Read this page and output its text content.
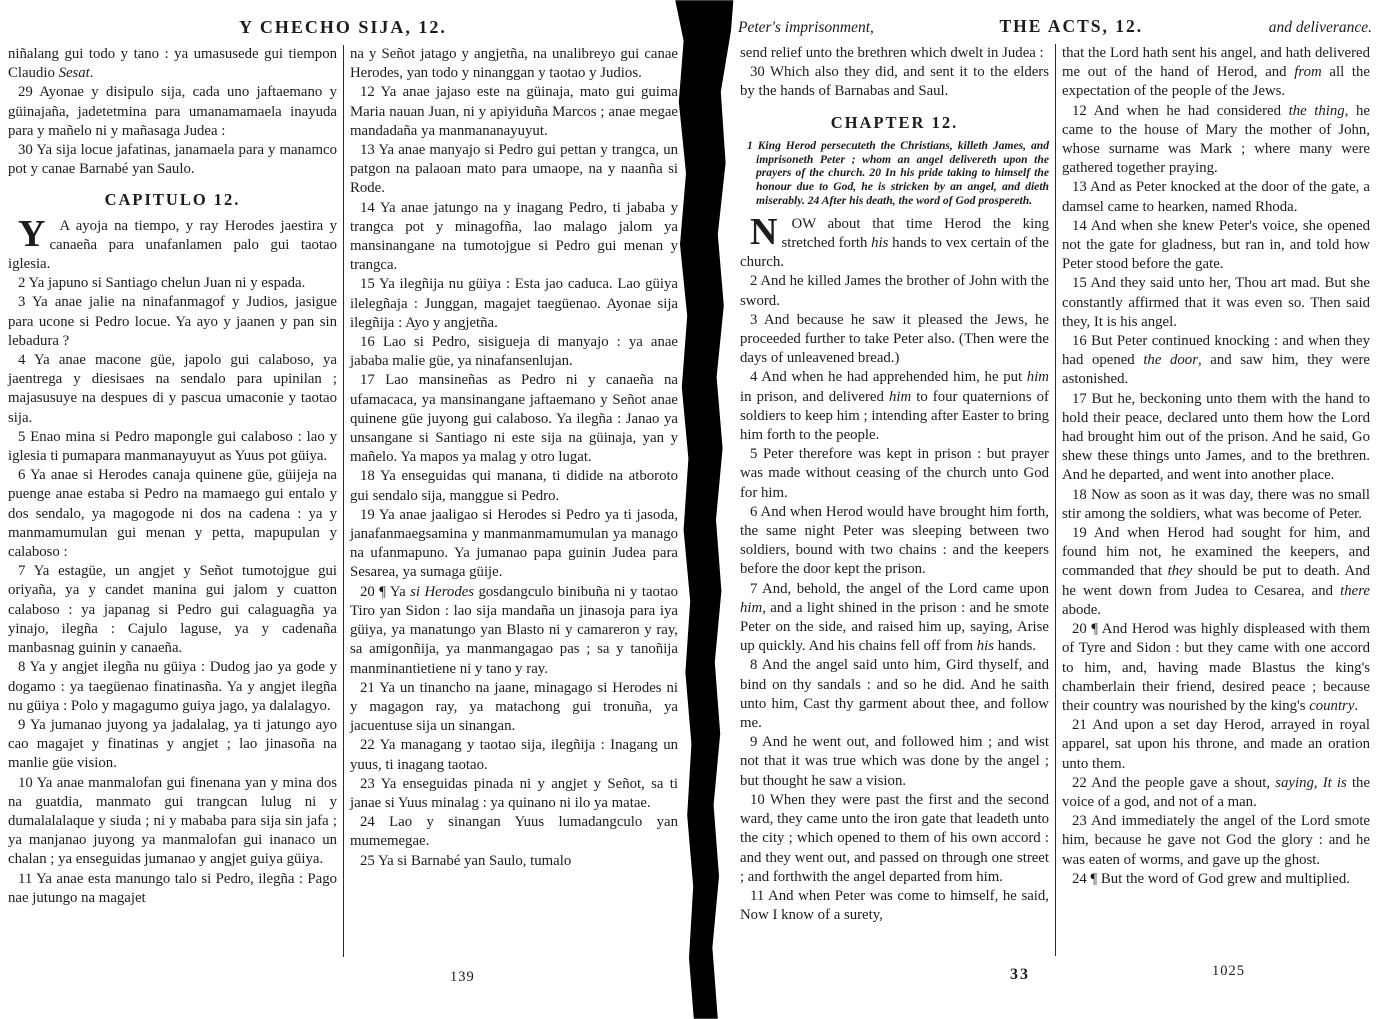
Y CHECHO SIJA, 12.

niñalang gui todo y tano : ya umasusede gui tiempon Claudio Sesat.

29 Ayonae y disipulo sija, cada uno jaftaemano y güinajaña, jadetetmina para umanamamaela inayuda para y mañelo ni y mañasaga Judea :

30 Ya sija locue jafatinas, janamaela para y manamco pot y canae Barnabé yan Saulo.

CAPITULO 12.

Y A ayoja na tiempo, y ray Herodes jaestira y canaeña para unafanlamen palo gui taotao iglesia.

2 Ya japuno si Santiago chelun Juan ni y espada.

3 Ya anae jalie na ninafanmagof y Judios, jasigue para ucone si Pedro locue. Ya ayo y jaanen y pan sin lebadura ?

4 Ya anae macone güe, japolo gui calaboso, ya jaentrega y diesisaes na sendalo para upinilan ; majasusuye na despues di y pascua umaconie y taotao sija.

5 Enao mina si Pedro mapongle gui calaboso : lao y iglesia ti pumapara manmanayuyut as Yuus pot güiya.

6 Ya anae si Herodes canaja quinene güe, güijeja na puenge anae estaba si Pedro na mamaego gui entalo y dos sendalo, ya magogode ni dos na cadena : ya y manmamumulan gui menan y petta, mapupulan y calaboso :

7 Ya estagüe, un angjet y Señot tumotojgue gui oriyaña, ya y candet manina gui jalom y cuatton calaboso : ya japanag si Pedro gui calaguagña ya yinajo, ilegña : Cajulo laguse, ya y cadenaña manbasnag guinin y canaeña.

8 Ya y angjet ilegña nu güiya : Dudog jao ya gode y dogamo : ya taegüenao finatinasña. Ya y angjet ilegña nu güiya : Polo y magagumo guiya jago, ya dalalagyo.

9 Ya jumanao juyong ya jadalalag, ya ti jatungo ayo cao magajet y finatinas y angjet ; lao jinasoña na manlie güe vision.

10 Ya anae manmalofan gui finenana yan y mina dos na guatdia, manmato gui trangcan lulug ni y dumalalalaque y siuda ; ni y mababa para sija sin jafa ; ya manjanao juyong ya manmalofan gui inanaco un chalan ; ya enseguidas jumanao y angjet guiya güiya.

11 Ya anae esta manungo talo si Pedro, ilegña : Pago nae jutungo na magajet

na y Señot jatago y angjetña, na unalibreyo gui canae Herodes, yan todo y ninanggan y taotao y Judios.

12 Ya anae jajaso este na güinaja, mato gui guima Maria nauan Juan, ni y apiyiduña Marcos ; anae megae mandadaña ya manmananayuyut.

13 Ya anae manyajo si Pedro gui pettan y trangca, un patgon na palaoan mato para umaope, na y naanña si Rode.

14 Ya anae jatungo na y inagang Pedro, ti jababa y trangca pot y minagofña, lao malago jalom ya mansinangane na tumotojgue si Pedro gui menan y trangca.

15 Ya ilegñija nu güiya : Esta jao caduca. Lao güiya ilelegñaja : Junggan, magajet taegüenao. Ayonae sija ilegñija : Ayo y angjetña.

16 Lao si Pedro, sisigueja di manyajo : ya anae jababa malie güe, ya ninafansenlujan.

17 Lao mansineñas as Pedro ni y canaeña na ufamacaca, ya mansinangane jaftaemano y Señot anae quinene güe juyong gui calaboso. Ya ilegña : Janao ya unsangane si Santiago ni este sija na güinaja, yan y mañelo. Ya mapos ya malag y otro lugat.

18 Ya enseguidas qui manana, ti didide na atboroto gui sendalo sija, manggue si Pedro.

19 Ya anae jaaligao si Herodes si Pedro ya ti jasoda, janafanmaegsamina y manmanmamumulan ya manago na ufanmapuno. Ya jumanao papa guinin Judea para Sesarea, ya sumaga güije.

20 ¶ Ya si Herodes gosdangculo binibuña ni y taotao Tiro yan Sidon : lao sija mandaña un jinasoja para iya güiya, ya manatungo yan Blasto ni y camareron y ray, sa amigonñija, ya manmangagao pas ; sa y tanoñija manminantietiene ni y tano y ray.

21 Ya un tinancho na jaane, minagago si Herodes ni y magagon ray, ya matachong gui tronuña, ya jacuentuse sija un sinangan.

22 Ya managang y taotao sija, ilegñija : Inagang un yuus, ti inagang taotao.

23 Ya enseguidas pinada ni y angjet y Señot, sa ti janae si Yuus minalag : ya quinano ni ilo ya matae.

24 Lao y sinangan Yuus lumadangculo yan mumemegae.

25 Ya si Barnabé yan Saulo, tumalo

139
Peter's imprisonment,	THE ACTS, 12.	and deliverance.

send relief unto the brethren which dwelt in Judea :

30 Which also they did, and sent it to the elders by the hands of Barnabas and Saul.

CHAPTER 12.

1 King Herod persecuteth the Christians, killeth James, and imprisoneth Peter ; whom an angel delivereth upon the prayers of the church. 20 In his pride taking to himself the honour due to God, he is stricken by an angel, and dieth miserably. 24 After his death, the word of God prospereth.

NOW about that time Herod the king stretched forth his hands to vex certain of the church.

2 And he killed James the brother of John with the sword.

3 And because he saw it pleased the Jews, he proceeded further to take Peter also. (Then were the days of unleavened bread.)

4 And when he had apprehended him, he put him in prison, and delivered him to four quaternions of soldiers to keep him ; intending after Easter to bring him forth to the people.

5 Peter therefore was kept in prison : but prayer was made without ceasing of the church unto God for him.

6 And when Herod would have brought him forth, the same night Peter was sleeping between two soldiers, bound with two chains : and the keepers before the door kept the prison.

7 And, behold, the angel of the Lord came upon him, and a light shined in the prison : and he smote Peter on the side, and raised him up, saying, Arise up quickly. And his chains fell off from his hands.

8 And the angel said unto him, Gird thyself, and bind on thy sandals : and so he did. And he saith unto him, Cast thy garment about thee, and follow me.

9 And he went out, and followed him ; and wist not that it was true which was done by the angel ; but thought he saw a vision.

10 When they were past the first and the second ward, they came unto the iron gate that leadeth unto the city ; which opened to them of his own accord : and they went out, and passed on through one street ; and forthwith the angel departed from him.

11 And when Peter was come to himself, he said, Now I know of a surety,

that the Lord hath sent his angel, and hath delivered me out of the hand of Herod, and from all the expectation of the people of the Jews.

12 And when he had considered the thing, he came to the house of Mary the mother of John, whose surname was Mark ; where many were gathered together praying.

13 And as Peter knocked at the door of the gate, a damsel came to hearken, named Rhoda.

14 And when she knew Peter's voice, she opened not the gate for gladness, but ran in, and told how Peter stood before the gate.

15 And they said unto her, Thou art mad. But she constantly affirmed that it was even so. Then said they, It is his angel.

16 But Peter continued knocking : and when they had opened the door, and saw him, they were astonished.

17 But he, beckoning unto them with the hand to hold their peace, declared unto them how the Lord had brought him out of the prison. And he said, Go shew these things unto James, and to the brethren. And he departed, and went into another place.

18 Now as soon as it was day, there was no small stir among the soldiers, what was become of Peter.

19 And when Herod had sought for him, and found him not, he examined the keepers, and commanded that they should be put to death. And he went down from Judea to Cesarea, and there abode.

20 ¶ And Herod was highly displeased with them of Tyre and Sidon : but they came with one accord to him, and, having made Blastus the king's chamberlain their friend, desired peace ; because their country was nourished by the king's country.

21 And upon a set day Herod, arrayed in royal apparel, sat upon his throne, and made an oration unto them.

22 And the people gave a shout, saying, It is the voice of a god, and not of a man.

23 And immediately the angel of the Lord smote him, because he gave not God the glory : and he was eaten of worms, and gave up the ghost.

24 ¶ But the word of God grew and multiplied.

33	1025
